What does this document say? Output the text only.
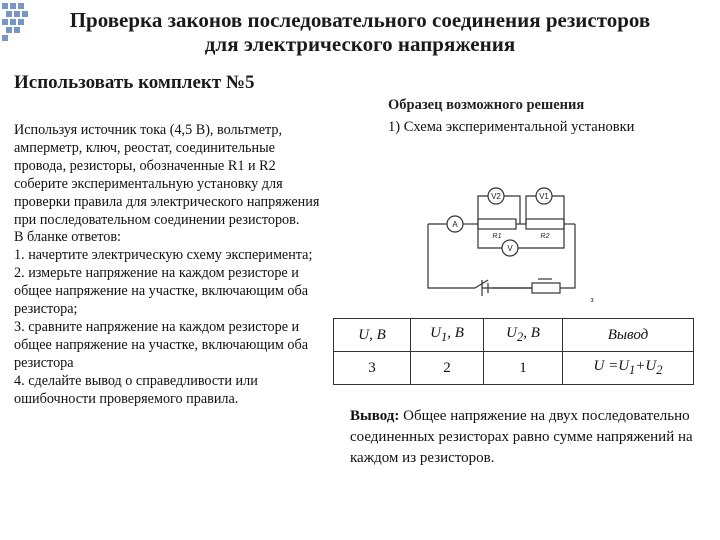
Проверка законов последовательного соединения резисторов
для электрического напряжения
Использовать комплект №5

Используя источник тока (4,5 В), вольтметр, амперметр, ключ, реостат, соединительные провода, резисторы, обозначенные R1 и R2 соберите экспериментальную установку для проверки правила для электрического напряжения при последовательном соединении резисторов.

В бланке ответов:

1. начертите электрическую схему эксперимента;

2. измерьте напряжение на каждом резисторе и общее напряжение на участке, включающим оба резистора;

3. сравните напряжение на каждом резисторе и общее напряжение на участке, включающим оба резистора

4. сделайте вывод о справедливости или ошибочности проверяемого правила.

Образец возможного решения
1) Схема экспериментальной установки
A
V2	V1
V
R1	R2
з
U, В	$U_1$, В	$U_2$, В	Вывод
3	2	1	$U =U_1+U_2$
Вывод: Общее напряжение на двух последовательно соединенных резисторах равно сумме напряжений на каждом из резисторов.
